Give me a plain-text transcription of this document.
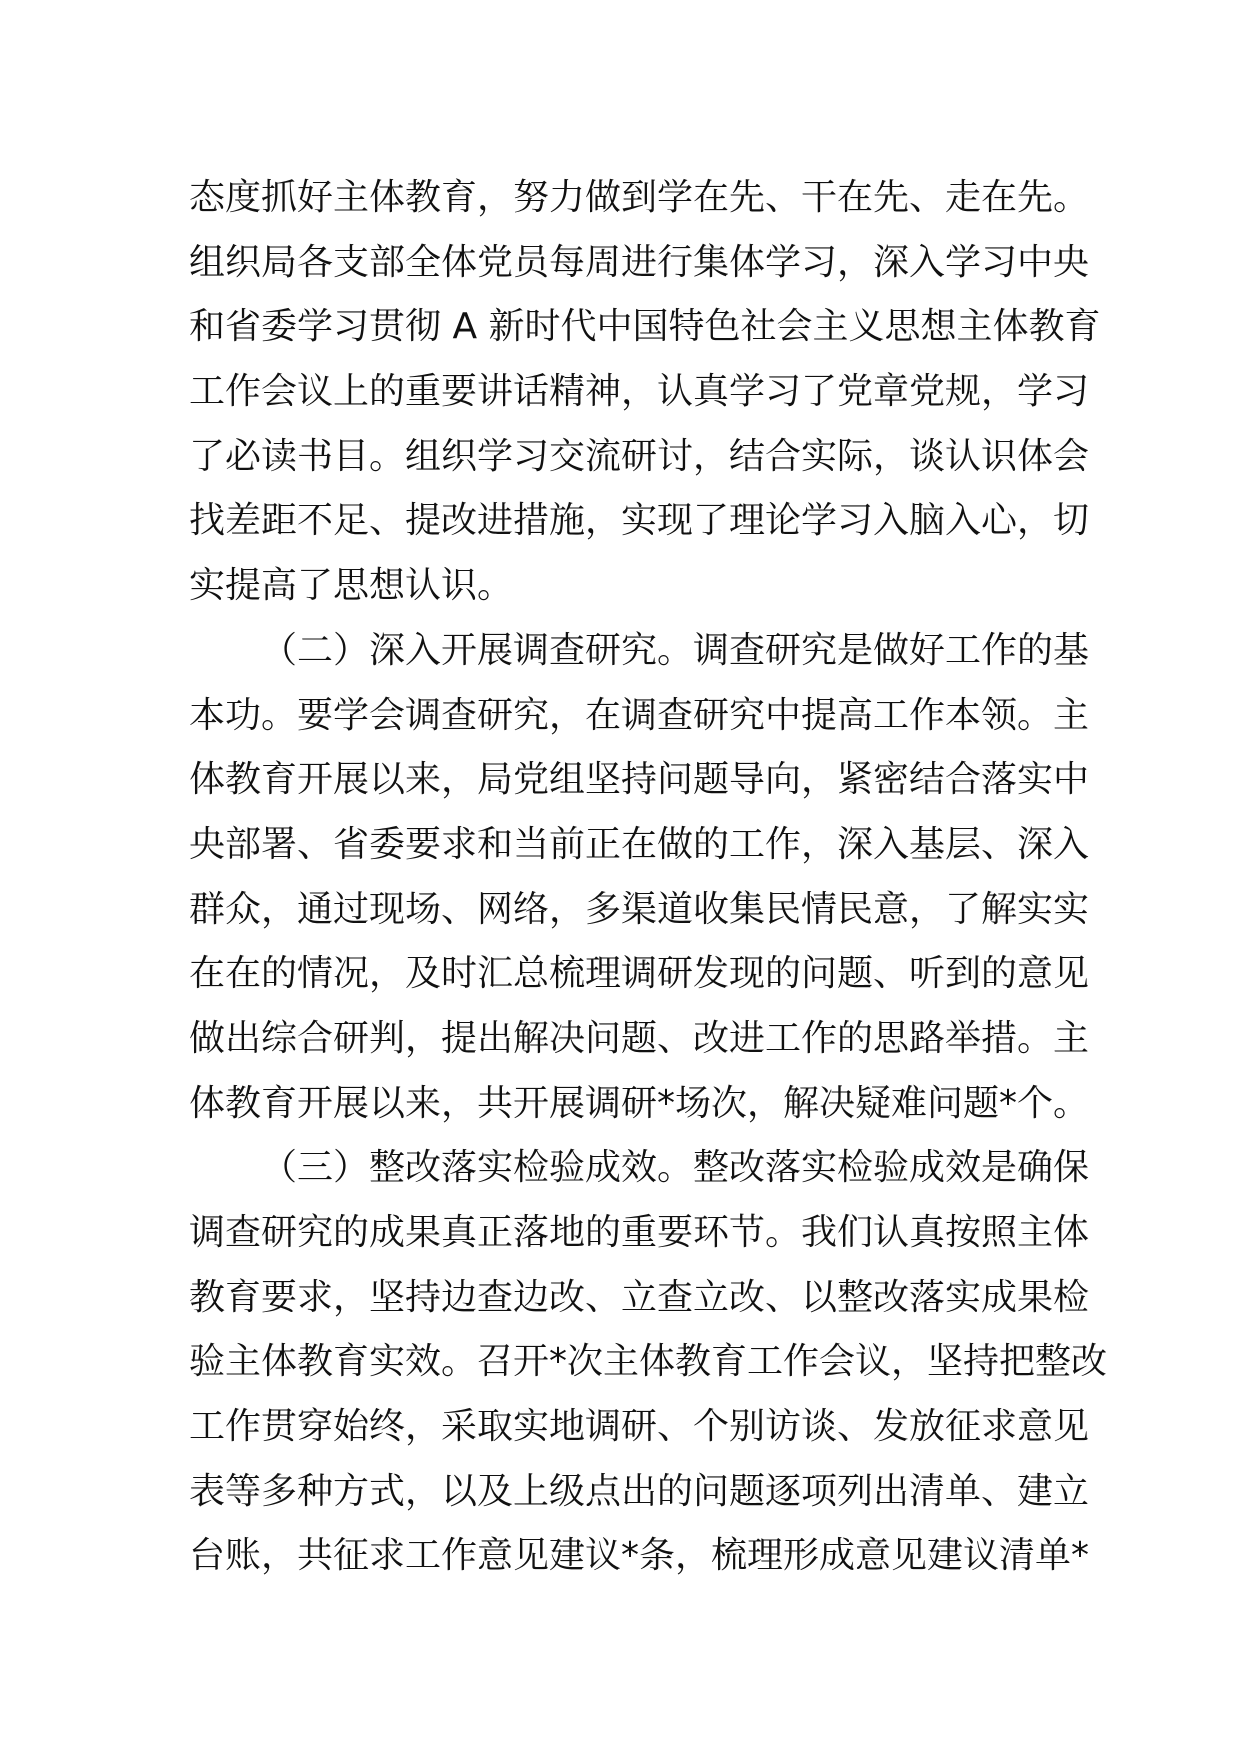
态度抓好主体教育，努力做到学在先、干在先、走在先。
组织局各支部全体党员每周进行集体学习，深入学习中央
和省委学习贯彻 A 新时代中国特色社会主义思想主体教育
工作会议上的重要讲话精神，认真学习了党章党规，学习
了必读书目。组织学习交流研讨，结合实际，谈认识体会
找差距不足、提改进措施，实现了理论学习入脑入心，切
实提高了思想认识。
（二）深入开展调查研究。调查研究是做好工作的基
本功。要学会调查研究，在调查研究中提高工作本领。主
体教育开展以来，局党组坚持问题导向，紧密结合落实中
央部署、省委要求和当前正在做的工作，深入基层、深入
群众，通过现场、网络，多渠道收集民情民意，了解实实
在在的情况，及时汇总梳理调研发现的问题、听到的意见
做出综合研判，提出解决问题、改进工作的思路举措。主
体教育开展以来，共开展调研*场次，解决疑难问题*个。
（三）整改落实检验成效。整改落实检验成效是确保
调查研究的成果真正落地的重要环节。我们认真按照主体
教育要求，坚持边查边改、立查立改、以整改落实成果检
验主体教育实效。召开*次主体教育工作会议，坚持把整改
工作贯穿始终，采取实地调研、个别访谈、发放征求意见
表等多种方式，以及上级点出的问题逐项列出清单、建立
台账，共征求工作意见建议*条，梳理形成意见建议清单*
